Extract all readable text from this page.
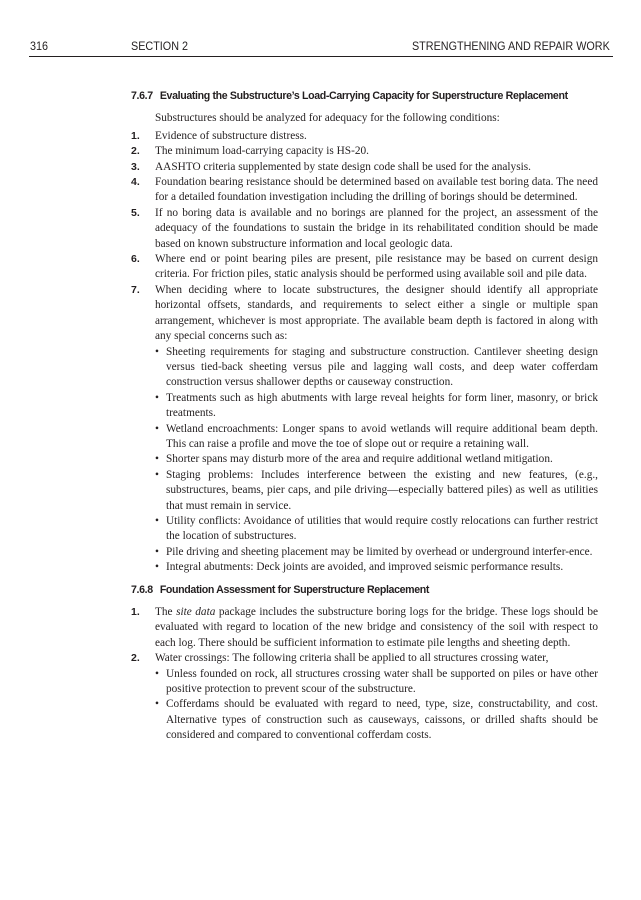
316	SECTION 2	STRENGTHENING AND REPAIR WORK
7.6.7 Evaluating the Substructure’s Load-Carrying Capacity for Superstructure Replacement

Substructures should be analyzed for adequacy for the following conditions:

1. Evidence of substructure distress.
2. The minimum load-carrying capacity is HS-20.
3. AASHTO criteria supplemented by state design code shall be used for the analysis.
4. Foundation bearing resistance should be determined based on available test boring data. The need for a detailed foundation investigation including the drilling of borings should be determined.
5. If no boring data is available and no borings are planned for the project, an assessment of the adequacy of the foundations to sustain the bridge in its rehabilitated condition should be made based on known substructure information and local geologic data.
6. Where end or point bearing piles are present, pile resistance may be based on current design criteria. For friction piles, static analysis should be performed using available soil and pile data.
7. When deciding where to locate substructures, the designer should identify all appropriate horizontal offsets, standards, and requirements to select either a single or multiple span arrangement, whichever is most appropriate. The available beam depth is factored in along with any special concerns such as:
• Sheeting requirements for staging and substructure construction. Cantilever sheeting design versus tied-back sheeting versus pile and lagging wall costs, and deep water cofferdam construction versus shallower depths or causeway construction.
• Treatments such as high abutments with large reveal heights for form liner, masonry, or brick treatments.
• Wetland encroachments: Longer spans to avoid wetlands will require additional beam depth. This can raise a profile and move the toe of slope out or require a retaining wall.
• Shorter spans may disturb more of the area and require additional wetland mitigation.
• Staging problems: Includes interference between the existing and new features, (e.g., substructures, beams, pier caps, and pile driving—especially battered piles) as well as utilities that must remain in service.
• Utility conflicts: Avoidance of utilities that would require costly relocations can further restrict the location of substructures.
• Pile driving and sheeting placement may be limited by overhead or underground interfer-ence.
• Integral abutments: Deck joints are avoided, and improved seismic performance results.
7.6.8 Foundation Assessment for Superstructure Replacement
1. The site data package includes the substructure boring logs for the bridge. These logs should be evaluated with regard to location of the new bridge and consistency of the soil with respect to each log. There should be sufficient information to estimate pile lengths and sheeting depth.
2. Water crossings: The following criteria shall be applied to all structures crossing water,
• Unless founded on rock, all structures crossing water shall be supported on piles or have other positive protection to prevent scour of the substructure.
• Cofferdams should be evaluated with regard to need, type, size, constructability, and cost. Alternative types of construction such as causeways, caissons, or drilled shafts should be considered and compared to conventional cofferdam costs.
